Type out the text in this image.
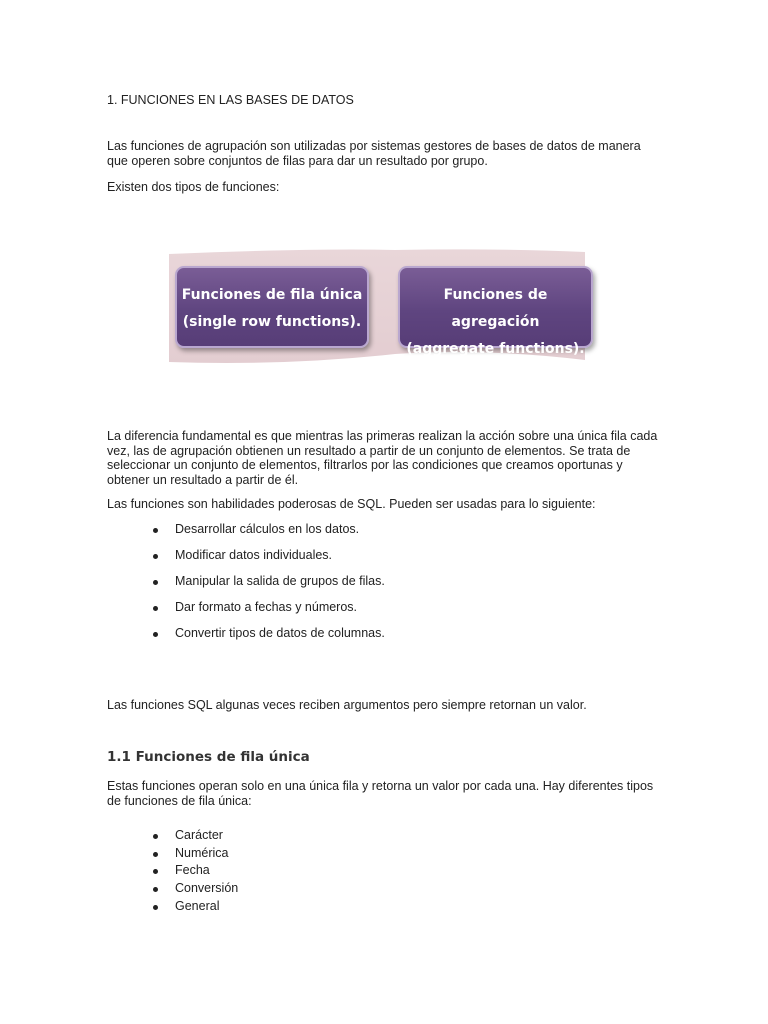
1. FUNCIONES EN LAS BASES DE DATOS
Las funciones de agrupación son utilizadas por sistemas gestores de bases de datos de manera
que operen sobre conjuntos de filas para dar un resultado por grupo.
Existen dos tipos de funciones:
Funciones de fila única
(single row functions).
Funciones de agregación
(aggregate functions).
La diferencia fundamental es que mientras las primeras realizan la acción sobre una única fila cada
vez, las de agrupación obtienen un resultado a partir de un conjunto de elementos. Se trata de
seleccionar un conjunto de elementos, filtrarlos por las condiciones que creamos oportunas y
obtener un resultado a partir de él.
Las funciones son habilidades poderosas de SQL. Pueden ser usadas para lo siguiente:
Desarrollar cálculos en los datos.
Modificar datos individuales.
Manipular la salida de grupos de filas.
Dar formato a fechas y números.
Convertir tipos de datos de columnas.
Las funciones SQL algunas veces reciben argumentos pero siempre retornan un valor.
1.1 Funciones de fila única
Estas funciones operan solo en una única fila y retorna un valor por cada una. Hay diferentes tipos
de funciones de fila única:
Carácter
Numérica
Fecha
Conversión
General
